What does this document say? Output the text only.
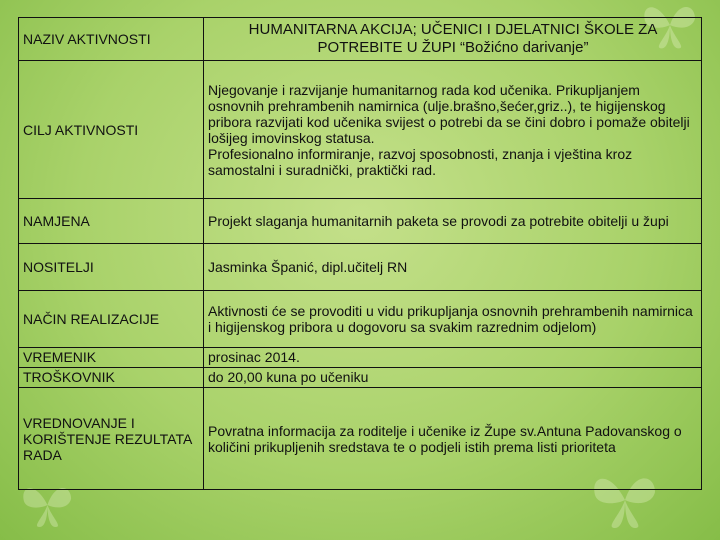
NAZIV AKTIVNOSTI	HUMANITARNA AKCIJA; UČENICI I DJELATNICI ŠKOLE ZA POTREBITE U ŽUPI “Božićno darivanje”
CILJ AKTIVNOSTI	Njegovanje i razvijanje humanitarnog rada kod učenika. Prikupljanjem osnovnih prehrambenih namirnica (ulje.brašno,šećer,griz..), te higijenskog pribora razvijati kod učenika svijest o potrebi da se čini dobro i pomaže obitelji lošijeg imovinskog statusa.
Profesionalno informiranje, razvoj sposobnosti, znanja i vještina kroz samostalni i suradnički, praktički rad.
NAMJENA	Projekt slaganja humanitarnih paketa se provodi za potrebite obitelji u župi
NOSITELJI	Jasminka Španić, dipl.učitelj RN
NAČIN REALIZACIJE	Aktivnosti će se provoditi u vidu prikupljanja osnovnih prehrambenih namirnica i higijenskog pribora u dogovoru sa svakim razrednim odjelom)
VREMENIK	prosinac 2014.
TROŠKOVNIK	do 20,00 kuna po učeniku
VREDNOVANJE I KORIŠTENJE REZULTATA RADA	Povratna informacija za roditelje i učenike iz Župe sv.Antuna Padovanskog o količini prikupljenih sredstava te o podjeli istih prema listi prioriteta
